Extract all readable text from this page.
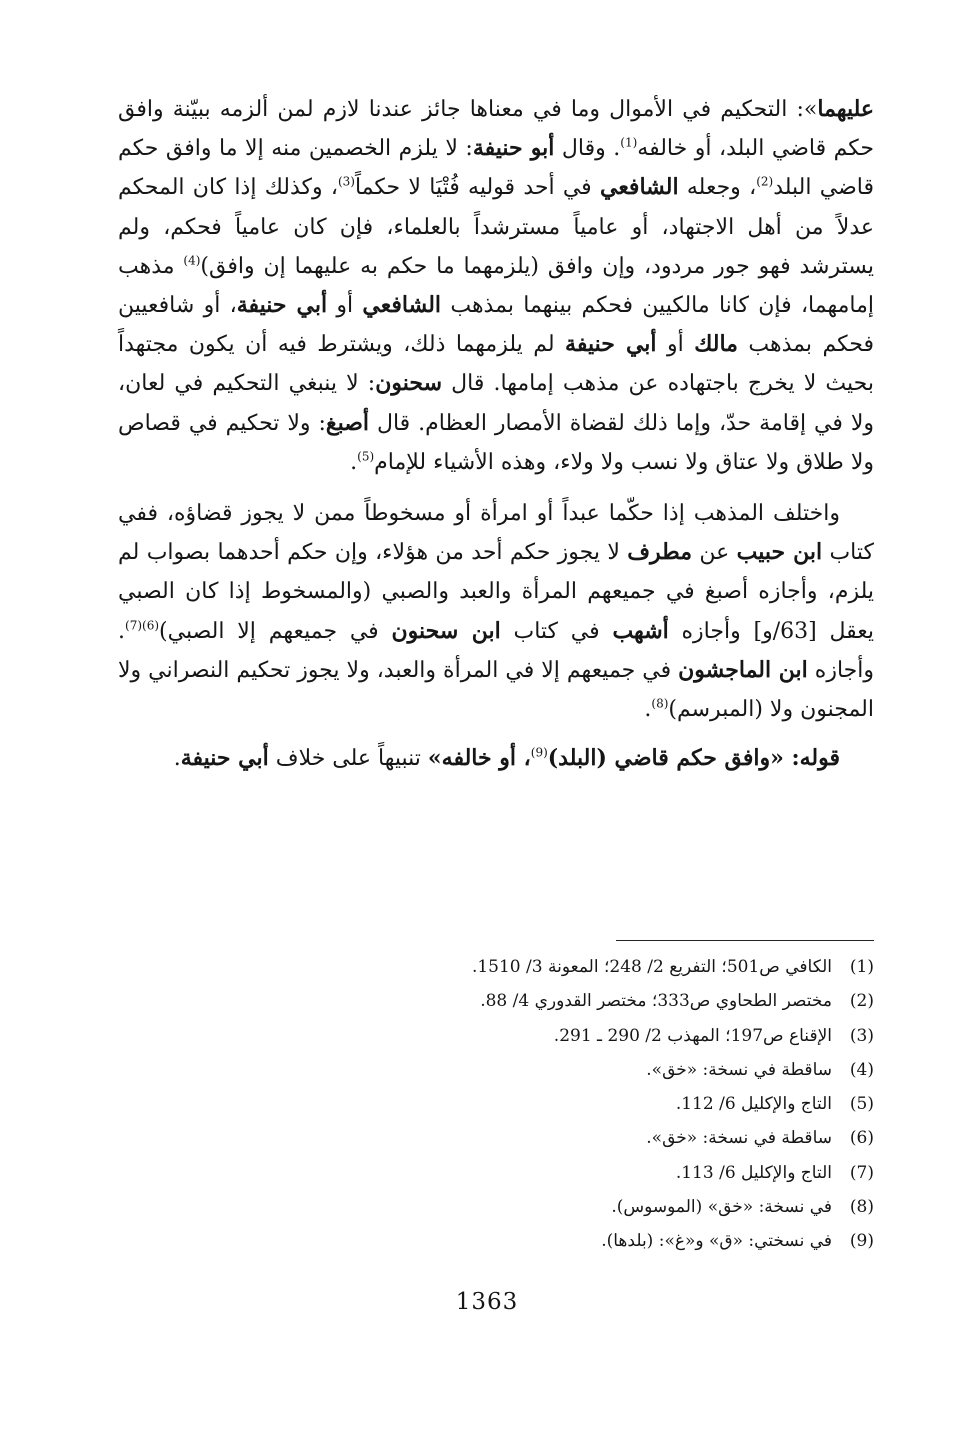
عليهما»: التحكيم في الأموال وما في معناها جائز عندنا لازم لمن ألزمه ببيّنة وافق حكم قاضي البلد، أو خالفه$^{(1)}$. وقال أبو حنيفة: لا يلزم الخصمين منه إلا ما وافق حكم قاضي البلد$^{(2)}$، وجعله الشافعي في أحد قوليه فُتْيَا لا حكماً$^{(3)}$، وكذلك إذا كان المحكم عدلاً من أهل الاجتهاد، أو عامياً مسترشداً بالعلماء، فإن كان عامياً فحكم، ولم يسترشد فهو جور مردود، وإن وافق (يلزمهما ما حكم به عليهما إن وافق)$^{(4)}$ مذهب إمامهما، فإن كانا مالكيين فحكم بينهما بمذهب الشافعي أو أبي حنيفة، أو شافعيين فحكم بمذهب مالك أو أبي حنيفة لم يلزمهما ذلك، ويشترط فيه أن يكون مجتهداً بحيث لا يخرج باجتهاده عن مذهب إمامها. قال سحنون: لا ينبغي التحكيم في لعان، ولا في إقامة حدّ، وإما ذلك لقضاة الأمصار العظام. قال أصبغ: ولا تحكيم في قصاص ولا طلاق ولا عتاق ولا نسب ولا ولاء، وهذه الأشياء للإمام$^{(5)}$.

واختلف المذهب إذا حكّما عبداً أو امرأة أو مسخوطاً ممن لا يجوز قضاؤه، ففي كتاب ابن حبيب عن مطرف لا يجوز حكم أحد من هؤلاء، وإن حكم أحدهما بصواب لم يلزم، وأجازه أصبغ في جميعهم المرأة والعبد والصبي (والمسخوط إذا كان الصبي يعقل [63/و] وأجازه أشهب في كتاب ابن سحنون في جميعهم إلا الصبي)$^{(6)(7)}$. وأجازه ابن الماجشون في جميعهم إلا في المرأة والعبد، ولا يجوز تحكيم النصراني ولا المجنون ولا (المبرسم)$^{(8)}$.

قوله: «وافق حكم قاضي (البلد)$^{(9)}$، أو خالفه» تنبيهاً على خلاف أبي حنيفة.

(1)الكافي ص501؛ التفريع 2/ 248؛ المعونة 3/ 1510.
(2)مختصر الطحاوي ص333؛ مختصر القدوري 4/ 88.
(3)الإقناع ص197؛ المهذب 2/ 290 ـ 291.
(4)ساقطة في نسخة: «خق».
(5)التاج والإكليل 6/ 112.
(6)ساقطة في نسخة: «خق».
(7)التاج والإكليل 6/ 113.
(8)في نسخة: «خق» (الموسوس).
(9)في نسختي: «ق» و«غ»: (بلدها).
1363
